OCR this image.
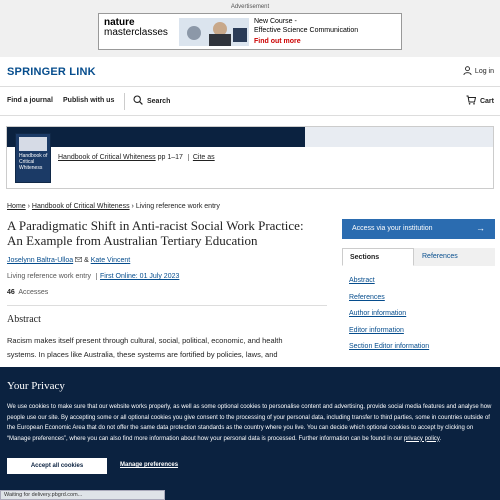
Advertisement
nature
masterclasses
New Course -
Effective Science Communication
Find out more
SPRINGER LINK	Log in
Find a journal Publish with us	Search	Cart
Handbook of Critical Whiteness
Handbook of Critical Whiteness pp 1–17 Cite as
Home › Handbook of Critical Whiteness › Living reference work entry
A Paradigmatic Shift in Anti-racist Social Work Practice: An Example from Australian Tertiary Education
Joselynn Baltra-Ulloa & Kate Vincent
Living reference work entry First Online: 01 July 2023
46 Accesses
Abstract
Racism makes itself present through cultural, social, political, economic, and health systems. In places like Australia, these systems are fortified by policies, laws, and
Access via your institution	→
Sections	References
Abstract
References
Author information
Editor information
Section Editor information
Your Privacy
We use cookies to make sure that our website works properly, as well as some optional cookies to personalise content and advertising, provide social media features and analyse how people use our site. By accepting some or all optional cookies you give consent to the processing of your personal data, including transfer to third parties, some in countries outside of the European Economic Area that do not offer the same data protection standards as the country where you live. You can decide which optional cookies to accept by clicking on “Manage preferences”, where you can also find more information about how your personal data is processed. Further information can be found in our privacy policy.
Accept all cookies	Manage preferences
Waiting for delivery.pbgrd.com...
